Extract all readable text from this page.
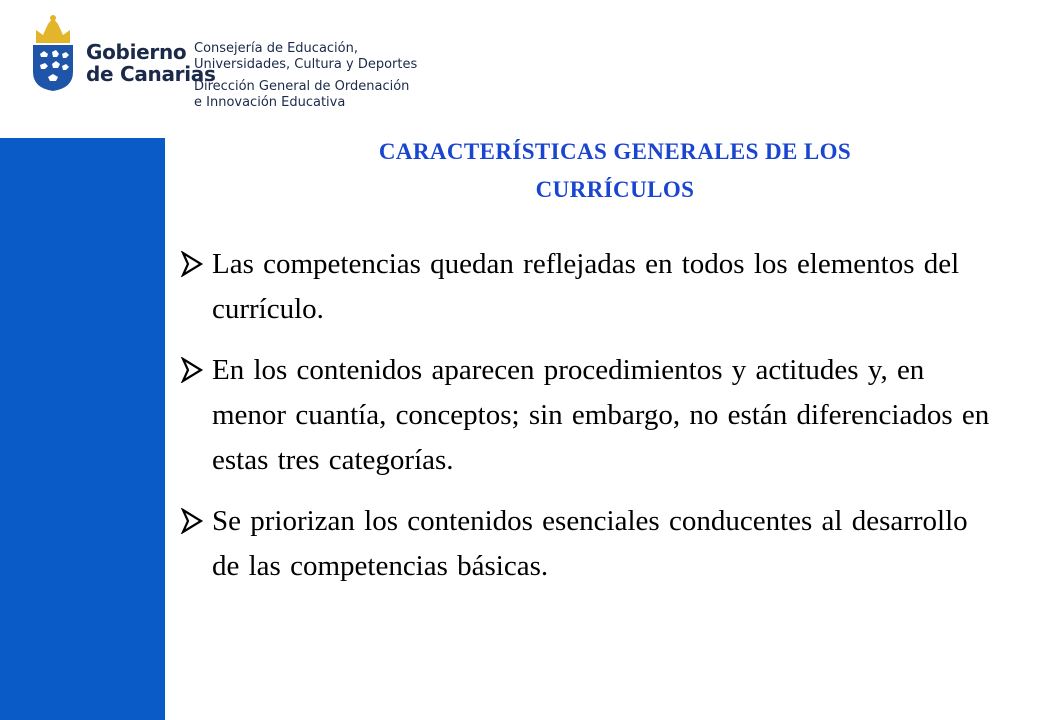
Gobierno
de Canarias
Consejería de Educación,
Universidades, Cultura y Deportes
Dirección General de Ordenación
e Innovación Educativa
CARACTERÍSTICAS GENERALES DE LOS
CURRÍCULOS
Las competencias quedan reflejadas en todos los elementos del currículo.
En los contenidos aparecen procedimientos y actitudes y, en menor cuantía, conceptos; sin embargo, no están diferenciados en estas tres categorías.
Se priorizan los contenidos esenciales conducentes al desarrollo de las competencias básicas.
